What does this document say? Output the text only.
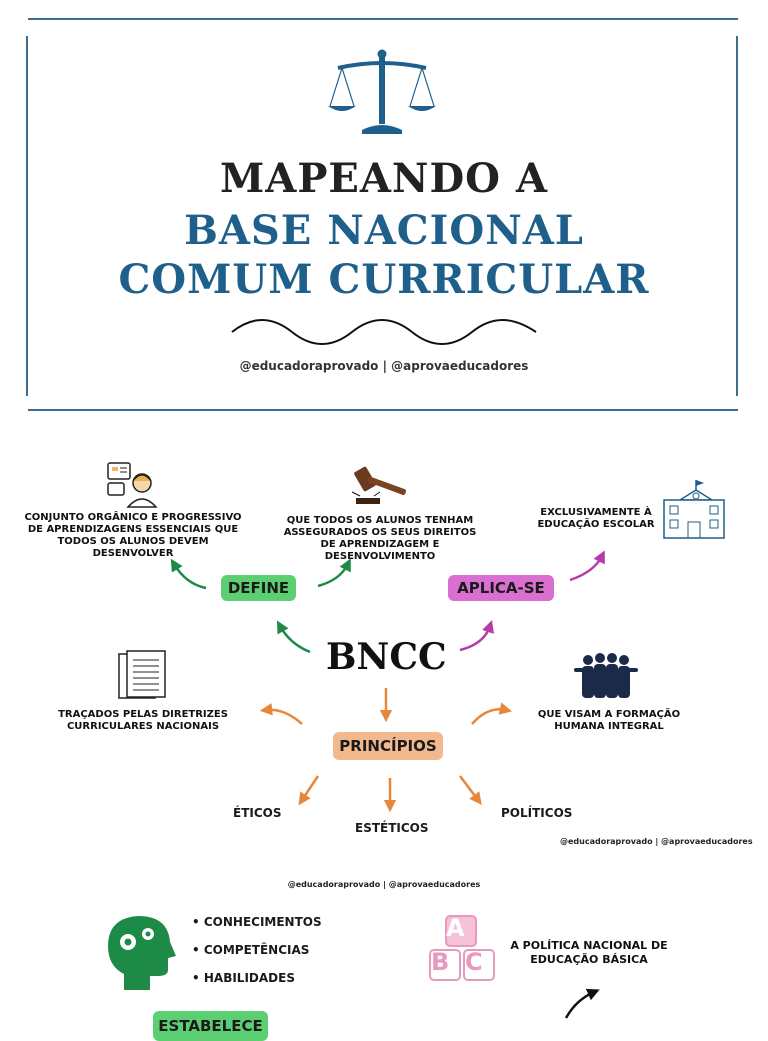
MAPEANDO A
BASE NACIONAL
COMUM CURRICULAR
@educadoraprovado | @aprovaeducadores
CONJUNTO ORGÂNICO E PROGRESSIVO DE APRENDIZAGENS ESSENCIAIS QUE TODOS OS ALUNOS DEVEM DESENVOLVER
QUE TODOS OS ALUNOS TENHAM ASSEGURADOS OS SEUS DIREITOS DE APRENDIZAGEM E DESENVOLVIMENTO
EXCLUSIVAMENTE À EDUCAÇÃO ESCOLAR
DEFINE	APLICA-SE
BNCC
TRAÇADOS PELAS DIRETRIZES CURRICULARES NACIONAIS
QUE VISAM A FORMAÇÃO HUMANA INTEGRAL
PRINCÍPIOS
ÉTICOS
ESTÉTICOS
POLÍTICOS
@educadoraprovado | @aprovaeducadores
@educadoraprovado | @aprovaeducadores
• CONHECIMENTOS
• COMPETÊNCIAS
• HABILIDADES
ESTABELECE
A
B C
A POLÍTICA NACIONAL DE EDUCAÇÃO BÁSICA
